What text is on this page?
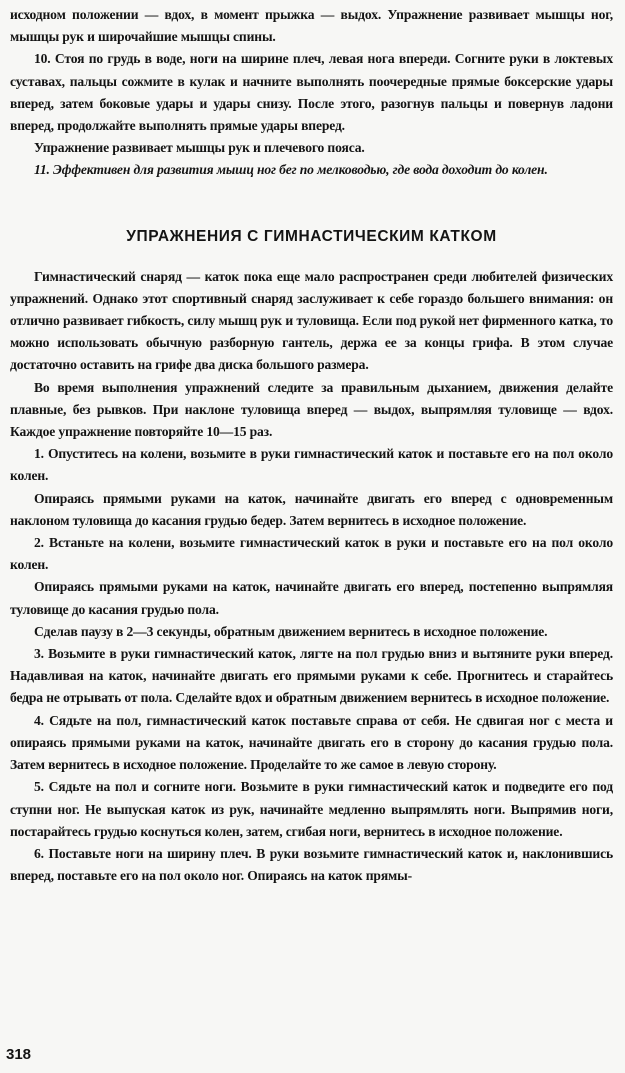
исходном положении — вдох, в момент прыжка — выдох. Упражнение развивает мышцы ног, мышцы рук и широчайшие мышцы спины.

10. Стоя по грудь в воде, ноги на ширине плеч, левая нога впереди. Согните руки в локтевых суставах, пальцы сожмите в кулак и начните выполнять поочередные прямые боксерские удары вперед, затем боковые удары и удары снизу. После этого, разогнув пальцы и повернув ладони вперед, продолжайте выполнять прямые удары вперед.

Упражнение развивает мышцы рук и плечевого пояса.

11. Эффективен для развития мышц ног бег по мелководью, где вода доходит до колен.

УПРАЖНЕНИЯ С ГИМНАСТИЧЕСКИМ КАТКОМ

Гимнастический снаряд — каток пока еще мало распространен среди любителей физических упражнений. Однако этот спортивный снаряд заслуживает к себе гораздо большего внимания: он отлично развивает гибкость, силу мышц рук и туловища. Если под рукой нет фирменного катка, то можно использовать обычную разборную гантель, держа ее за концы грифа. В этом случае достаточно оставить на грифе два диска большого размера.

Во время выполнения упражнений следите за правильным дыханием, движения делайте плавные, без рывков. При наклоне туловища вперед — выдох, выпрямляя туловище — вдох. Каждое упражнение повторяйте 10—15 раз.

1. Опуститесь на колени, возьмите в руки гимнастический каток и поставьте его на пол около колен.

Опираясь прямыми руками на каток, начинайте двигать его вперед с одновременным наклоном туловища до касания грудью бедер. Затем вернитесь в исходное положение.

2. Встаньте на колени, возьмите гимнастический каток в руки и поставьте его на пол около колен.

Опираясь прямыми руками на каток, начинайте двигать его вперед, постепенно выпрямляя туловище до касания грудью пола.

Сделав паузу в 2—3 секунды, обратным движением вернитесь в исходное положение.

3. Возьмите в руки гимнастический каток, лягте на пол грудью вниз и вытяните руки вперед. Надавливая на каток, начинайте двигать его прямыми руками к себе. Прогнитесь и старайтесь бедра не отрывать от пола. Сделайте вдох и обратным движением вернитесь в исходное положение.

4. Сядьте на пол, гимнастический каток поставьте справа от себя. Не сдвигая ног с места и опираясь прямыми руками на каток, начинайте двигать его в сторону до касания грудью пола. Затем вернитесь в исходное положение. Проделайте то же самое в левую сторону.

5. Сядьте на пол и согните ноги. Возьмите в руки гимнастический каток и подведите его под ступни ног. Не выпуская каток из рук, начинайте медленно выпрямлять ноги. Выпрямив ноги, постарайтесь грудью коснуться колен, затем, сгибая ноги, вернитесь в исходное положение.

6. Поставьте ноги на ширину плеч. В руки возьмите гимнастический каток и, наклонившись вперед, поставьте его на пол около ног. Опираясь на каток прямы-

318
